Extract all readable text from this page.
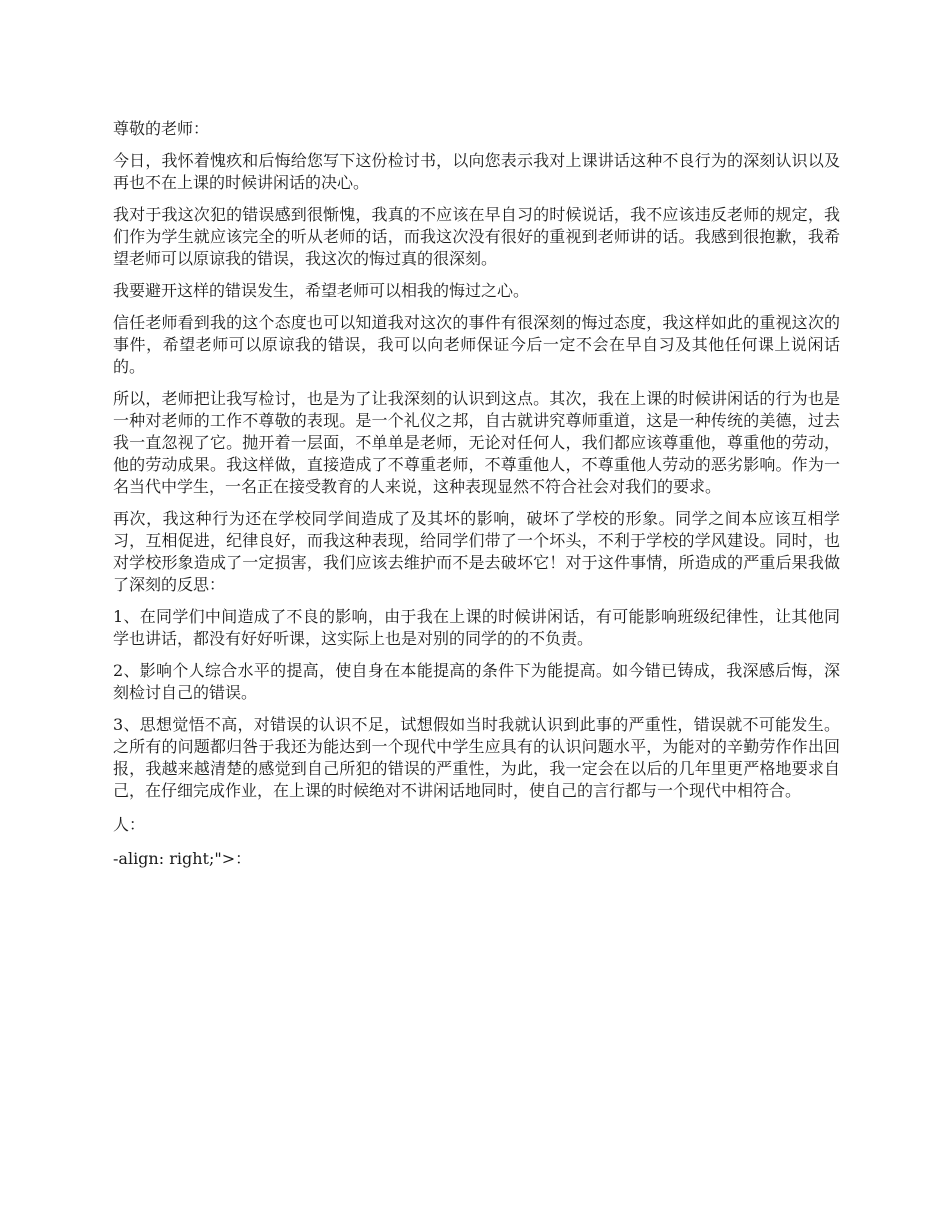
尊敬的老师：

今日，我怀着愧疚和后悔给您写下这份检讨书，以向您表示我对上课讲话这种不良行为的深刻认识以及再也不在上课的时候讲闲话的决心。

我对于我这次犯的错误感到很惭愧，我真的不应该在早自习的时候说话，我不应该违反老师的规定，我们作为学生就应该完全的听从老师的话，而我这次没有很好的重视到老师讲的话。我感到很抱歉，我希望老师可以原谅我的错误，我这次的悔过真的很深刻。

我要避开这样的错误发生，希望老师可以相我的悔过之心。

信任老师看到我的这个态度也可以知道我对这次的事件有很深刻的悔过态度，我这样如此的重视这次的事件，希望老师可以原谅我的错误，我可以向老师保证今后一定不会在早自习及其他任何课上说闲话的。

所以，老师把让我写检讨，也是为了让我深刻的认识到这点。其次，我在上课的时候讲闲话的行为也是一种对老师的工作不尊敬的表现。是一个礼仪之邦，自古就讲究尊师重道，这是一种传统的美德，过去我一直忽视了它。抛开着一层面，不单单是老师，无论对任何人，我们都应该尊重他，尊重他的劳动，他的劳动成果。我这样做，直接造成了不尊重老师，不尊重他人，不尊重他人劳动的恶劣影响。作为一名当代中学生，一名正在接受教育的人来说，这种表现显然不符合社会对我们的要求。

再次，我这种行为还在学校同学间造成了及其坏的影响，破坏了学校的形象。同学之间本应该互相学习，互相促进，纪律良好，而我这种表现，给同学们带了一个坏头，不利于学校的学风建设。同时，也对学校形象造成了一定损害，我们应该去维护而不是去破坏它！对于这件事情，所造成的严重后果我做了深刻的反思：

1、在同学们中间造成了不良的影响，由于我在上课的时候讲闲话，有可能影响班级纪律性，让其他同学也讲话，都没有好好听课，这实际上也是对别的同学的的不负责。

2、影响个人综合水平的提高，使自身在本能提高的条件下为能提高。如今错已铸成，我深感后悔，深刻检讨自己的错误。

3、思想觉悟不高，对错误的认识不足，试想假如当时我就认识到此事的严重性，错误就不可能发生。之所有的问题都归咎于我还为能达到一个现代中学生应具有的认识问题水平，为能对的辛勤劳作作出回报，我越来越清楚的感觉到自己所犯的错误的严重性，为此，我一定会在以后的几年里更严格地要求自己，在仔细完成作业，在上课的时候绝对不讲闲话地同时，使自己的言行都与一个现代中相符合。

人：

-align: right;">：
